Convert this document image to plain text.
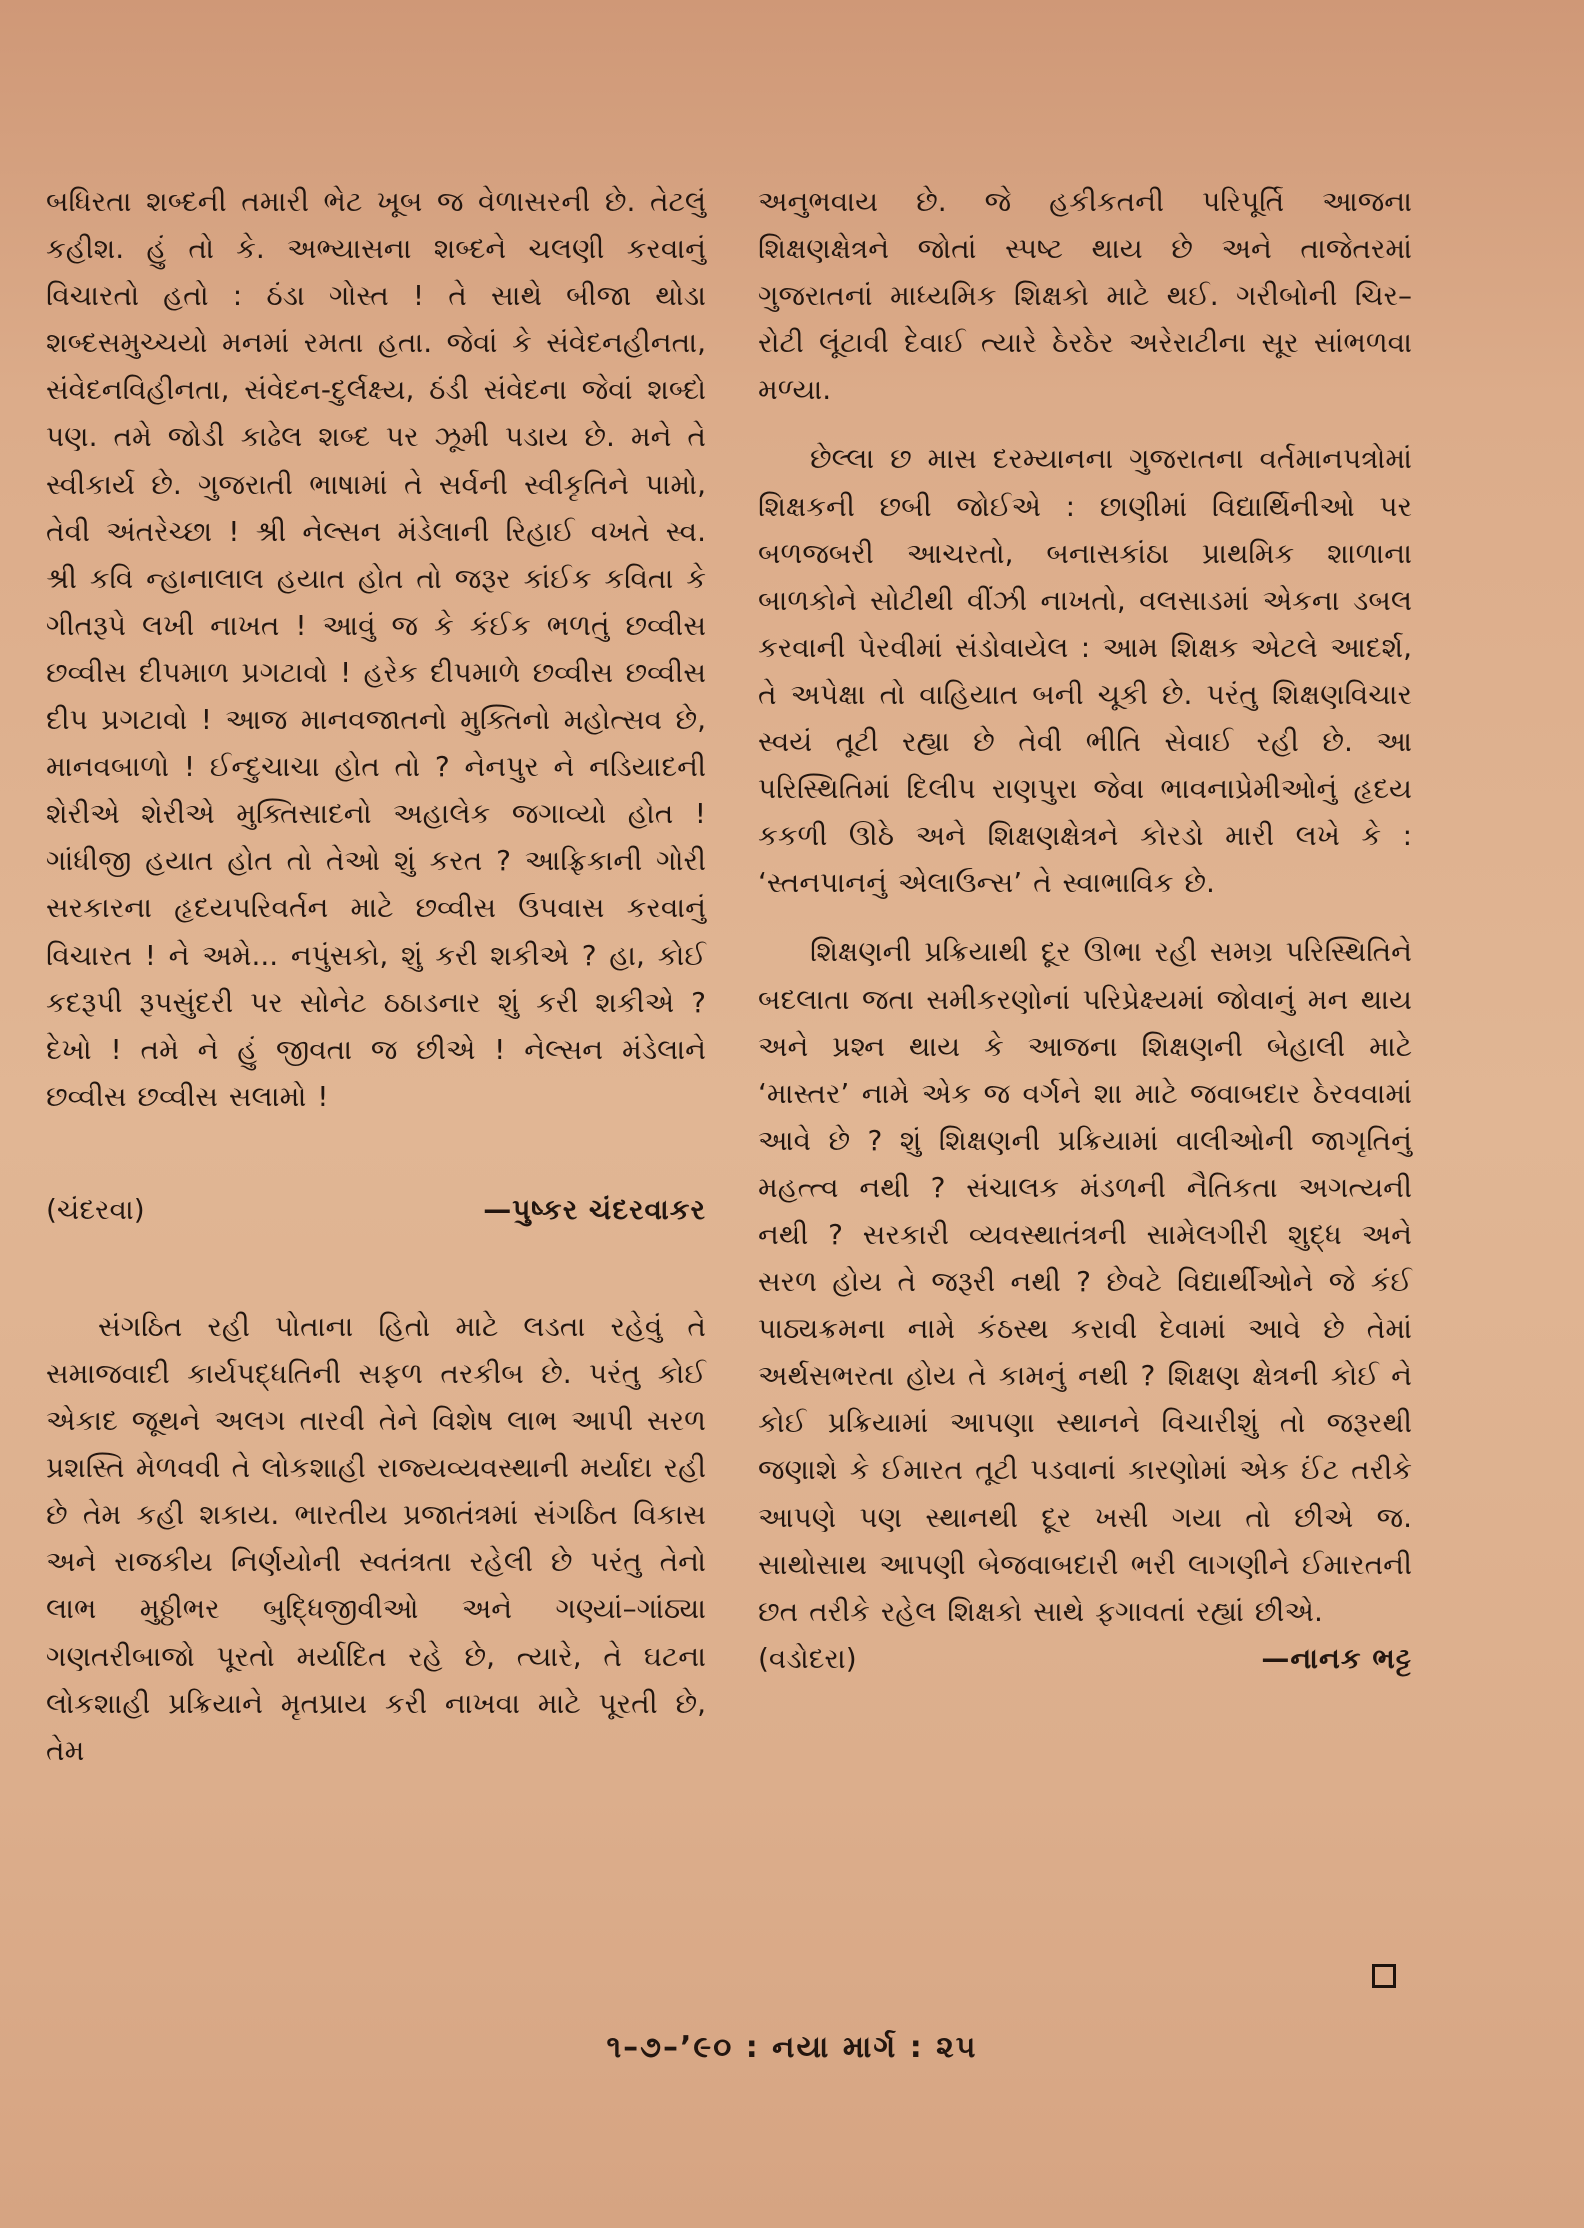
બધિરતા શબ્દની તમારી ભેટ ખૂબ જ વેળાસરની છે. તેટલું કહીશ. હું તો કે. અભ્યાસના શબ્દને ચલણી કરવાનું વિચારતો હતો : ઠંડા ગોસ્ત ! તે સાથે બીજા થોડા શબ્દસમુચ્ચયો મનમાં રમતા હતા. જેવાં કે સંવેદનહીનતા, સંવેદનવિહીનતા, સંવેદન-દુર્લક્ષ્ય, ઠંડી સંવેદના જેવાં શબ્દો પણ. તમે જોડી કાઢેલ શબ્દ પર ઝૂમી પડાય છે. મને તે સ્વીકાર્ય છે. ગુજરાતી ભાષામાં તે સર્વની સ્વીકૃતિને પામો, તેવી અંતરેચ્છા ! શ્રી નેલ્સન મંડેલાની રિહાઈ વખતે સ્વ. શ્રી કવિ ન્હાનાલાલ હયાત હોત તો જરૂર કાંઈક કવિતા કે ગીતરૂપે લખી નાખત ! આવું જ કે કંઈક ભળતું છવ્વીસ છવ્વીસ દીપમાળ પ્રગટાવો ! હરેક દીપમાળે છવ્વીસ છવ્વીસ દીપ પ્રગટાવો ! આજ માનવજાતનો મુક્તિનો મહોત્સવ છે, માનવબાળો ! ઈન્દુચાચા હોત તો ? નેનપુર ને નડિયાદની શેરીએ શેરીએ મુક્તિસાદનો અહાલેક જગાવ્યો હોત ! ગાંધીજી હયાત હોત તો તેઓ શું કરત ? આફ્રિકાની ગોરી સરકારના હૃદયપરિવર્તન માટે છવ્વીસ ઉપવાસ કરવાનું વિચારત ! ને અમે... નપુંસકો, શું કરી શકીએ ? હા, કોઈ કદરૂપી રૂપસુંદરી પર સોનેટ ઠઠાડનાર શું કરી શકીએ ? દેખો ! તમે ને હું જીવતા જ છીએ ! નેલ્સન મંડેલાને છવ્વીસ છવ્વીસ સલામો !

(ચંદરવા)	—પુષ્કર ચંદરવાકર

સંગઠિત રહી પોતાના હિતો માટે લડતા રહેવું તે સમાજવાદી કાર્યપદ્ધતિની સફળ તરકીબ છે. પરંતુ કોઈ એકાદ જૂથને અલગ તારવી તેને વિશેષ લાભ આપી સરળ પ્રશસ્તિ મેળવવી તે લોકશાહી રાજ્યવ્યવસ્થાની મર્યાદા રહી છે તેમ કહી શકાય. ભારતીય પ્રજાતંત્રમાં સંગઠિત વિકાસ અને રાજકીય નિર્ણયોની સ્વતંત્રતા રહેલી છે પરંતુ તેનો લાભ મુઠ્ઠીભર બુદ્ધિજીવીઓ અને ગણ્યાં–ગાંઠ્યા ગણતરીબાજો પૂરતો મર્યાદિત રહે છે, ત્યારે, તે ઘટના લોકશાહી પ્રક્રિયાને મૃતપ્રાય કરી નાખવા માટે પૂરતી છે, તેમ

અનુભવાય છે. જે હકીકતની પરિપૂર્તિ આજના શિક્ષણક્ષેત્રને જોતાં સ્પષ્ટ થાય છે અને તાજેતરમાં ગુજરાતનાં માધ્યમિક શિક્ષકો માટે થઈ. ગરીબોની ચિર–રોટી લૂંટાવી દેવાઈ ત્યારે ઠેરઠેર અરેરાટીના સૂર સાંભળવા મળ્યા.

છેલ્લા છ માસ દરમ્યાનના ગુજરાતના વર્તમાનપત્રોમાં શિક્ષકની છબી જોઈએ : છાણીમાં વિદ્યાર્થિનીઓ પર બળજબરી આચરતો, બનાસકાંઠા પ્રાથમિક શાળાના બાળકોને સોટીથી વીંઝી નાખતો, વલસાડમાં એકના ડબલ કરવાની પેરવીમાં સંડોવાયેલ : આમ શિક્ષક એટલે આદર્શ, તે અપેક્ષા તો વાહિયાત બની ચૂકી છે. પરંતુ શિક્ષણવિચાર સ્વયં તૂટી રહ્યા છે તેવી ભીતિ સેવાઈ રહી છે. આ પરિસ્થિતિમાં દિલીપ રાણપુરા જેવા ભાવનાપ્રેમીઓનું હૃદય કકળી ઊઠે અને શિક્ષણક્ષેત્રને કોરડો મારી લખે કે : ‘સ્તનપાનનું એલાઉન્સ’ તે સ્વાભાવિક છે.

શિક્ષણની પ્રક્રિયાથી દૂર ઊભા રહી સમગ્ર પરિસ્થિતિને બદલાતા જતા સમીકરણોનાં પરિપ્રેક્ષ્યમાં જોવાનું મન થાય અને પ્રશ્ન થાય કે આજના શિક્ષણની બેહાલી માટે ‘માસ્તર’ નામે એક જ વર્ગને શા માટે જવાબદાર ઠેરવવામાં આવે છે ? શું શિક્ષણની પ્રક્રિયામાં વાલીઓની જાગૃતિનું મહત્ત્વ નથી ? સંચાલક મંડળની નૈતિકતા અગત્યની નથી ? સરકારી વ્યવસ્થાતંત્રની સામેલગીરી શુદ્ધ અને સરળ હોય તે જરૂરી નથી ? છેવટે વિદ્યાર્થીઓને જે કંઈ પાઠ્યક્રમના નામે કંઠસ્થ કરાવી દેવામાં આવે છે તેમાં અર્થસભરતા હોય તે કામનું નથી ? શિક્ષણ ક્ષેત્રની કોઈ ને કોઈ પ્રક્રિયામાં આપણા સ્થાનને વિચારીશું તો જરૂરથી જણાશે કે ઈમારત તૂટી પડવાનાં કારણોમાં એક ઈંટ તરીકે આપણે પણ સ્થાનથી દૂર ખસી ગયા તો છીએ જ. સાથોસાથ આપણી બેજવાબદારી ભરી લાગણીને ઈમારતની છત તરીકે રહેલ શિક્ષકો સાથે ફગાવતાં રહ્યાં છીએ.

(વડોદરા)	—નાનક ભટ્ટ
૧–૭–’૯૦ : નયા માર્ગ : ૨૫
